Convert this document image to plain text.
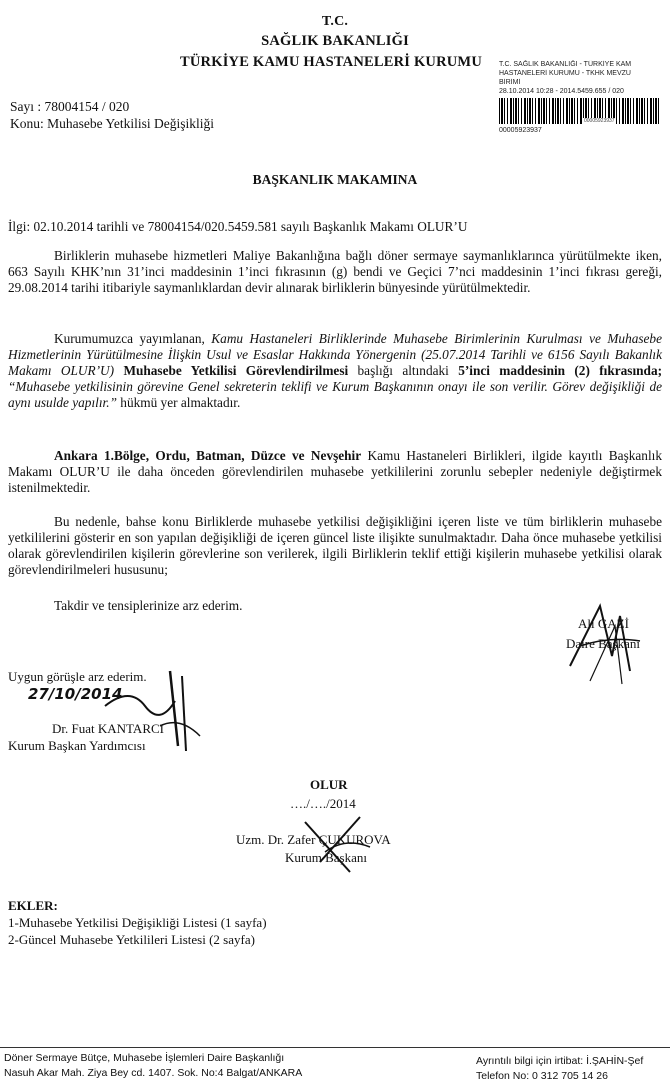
T.C.
SAĞLIK BAKANLIĞI
TÜRKİYE KAMU HASTANELERİ KURUMU	T.C. SAĞLIK BAKANLIĞI - TÜRKİYE KAM
HASTANELERİ KURUMU - TKHK MEVZU
BİRİMİ
28.10.2014 10:28 - 2014.5459.655 / 020
00005923937
00005923937
Sayı : 78004154 / 020
Konu: Muhasebe Yetkilisi Değişikliği
BAŞKANLIK MAKAMINA
İlgi: 02.10.2014 tarihli ve 78004154/020.5459.581 sayılı Başkanlık Makamı OLUR’U
Birliklerin muhasebe hizmetleri Maliye Bakanlığına bağlı döner sermaye saymanlıklarınca yürütülmekte iken, 663 Sayılı KHK’nın 31’inci maddesinin 1’inci fıkrasının (g) bendi ve Geçici 7’nci maddesinin 1’inci fıkrası gereği, 29.08.2014 tarihi itibariyle saymanlıklardan devir alınarak birliklerin bünyesinde yürütülmektedir.
Kurumumuzca yayımlanan, Kamu Hastaneleri Birliklerinde Muhasebe Birimlerinin Kurulması ve Muhasebe Hizmetlerinin Yürütülmesine İlişkin Usul ve Esaslar Hakkında Yönergenin (25.07.2014 Tarihli ve 6156 Sayılı Bakanlık Makamı OLUR’U) Muhasebe Yetkilisi Görevlendirilmesi başlığı altındaki 5’inci maddesinin (2) fıkrasında; “Muhasebe yetkilisinin görevine Genel sekreterin teklifi ve Kurum Başkanının onayı ile son verilir. Görev değişikliği de aynı usulde yapılır.” hükmü yer almaktadır.
Ankara 1.Bölge, Ordu, Batman, Düzce ve Nevşehir Kamu Hastaneleri Birlikleri, ilgide kayıtlı Başkanlık Makamı OLUR’U ile daha önceden görevlendirilen muhasebe yetkililerini zorunlu sebepler nedeniyle değiştirmek istenilmektedir.
Bu nedenle, bahse konu Birliklerde muhasebe yetkilisi değişikliğini içeren liste ve tüm birliklerin muhasebe yetkililerini gösterir en son yapılan değişikliği de içeren güncel liste ilişikte sunulmaktadır. Daha önce muhasebe yetkilisi olarak görevlendirilen kişilerin görevlerine son verilerek, ilgili Birliklerin teklif ettiği kişilerin muhasebe yetkilisi olarak görevlendirilmeleri hususunu;
Takdir ve tensiplerinize arz ederim.
Ali GAZİ
Daire Başkanı
Uygun görüşle arz ederim.
27/10/2014
Dr. Fuat KANTARCI
Kurum Başkan Yardımcısı
OLUR
…./…./2014
Uzm. Dr. Zafer ÇUKUROVA
Kurum Başkanı
EKLER:
1-Muhasebe Yetkilisi Değişikliği Listesi (1 sayfa)
2-Güncel Muhasebe Yetkilileri Listesi (2 sayfa)
Döner Sermaye Bütçe, Muhasebe İşlemleri Daire Başkanlığı
Nasuh Akar Mah. Ziya Bey cd. 1407. Sok. No:4 Balgat/ANKARA
Ayrıntılı bilgi için irtibat: İ.ŞAHİN-Şef
Telefon No: 0 312 705 14 26
